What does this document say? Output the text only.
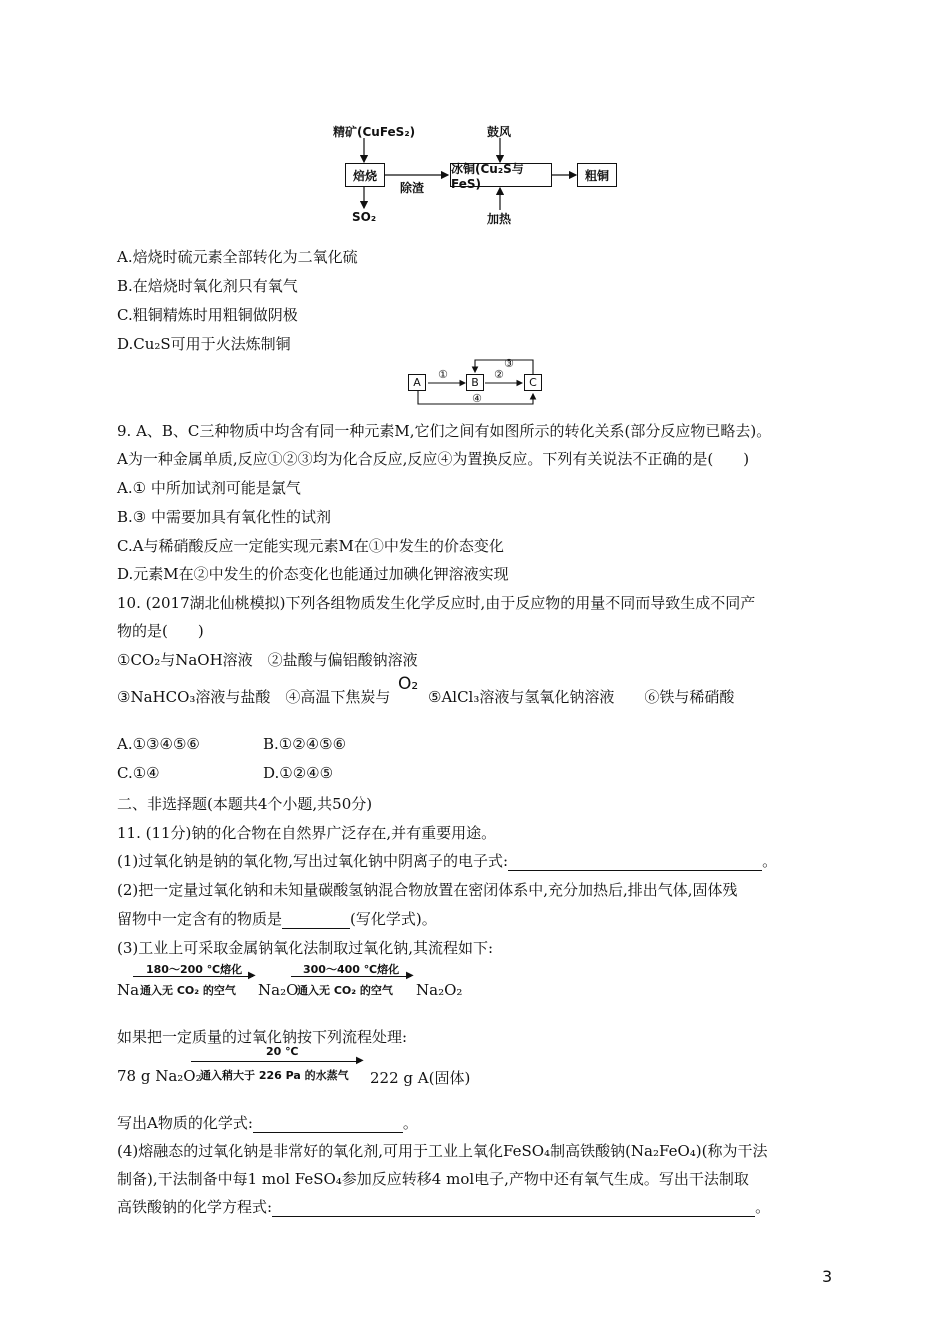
精矿(CuFeS₂)
焙烧
除渣
SO₂
鼓风
冰铜(Cu₂S与FeS)
加热
粗铜
A.焙烧时硫元素全部转化为二氧化硫
B.在焙烧时氧化剂只有氧气
C.粗铜精炼时用粗铜做阴极
D.Cu₂S可用于火法炼制铜
A	B	C
①	②
③
④
9. A、B、C三种物质中均含有同一种元素M,它们之间有如图所示的转化关系(部分反应物已略去)。
A为一种金属单质,反应①②③均为化合反应,反应④为置换反应。下列有关说法不正确的是(　　)
A.① 中所加试剂可能是氯气
B.③ 中需要加具有氧化性的试剂
C.A与稀硝酸反应一定能实现元素M在①中发生的价态变化
D.元素M在②中发生的价态变化也能通过加碘化钾溶液实现
10. (2017湖北仙桃模拟)下列各组物质发生化学反应时,由于反应物的用量不同而导致生成不同产
物的是(　　)
①CO₂与NaOH溶液　②盐酸与偏铝酸钠溶液
③NaHCO₃溶液与盐酸　④高温下焦炭与
O₂
⑤AlCl₃溶液与氢氧化钠溶液　　⑥铁与稀硝酸
A.①③④⑤⑥	B.①②④⑤⑥
C.①④	D.①②④⑤
二、非选择题(本题共4个小题,共50分)
11. (11分)钠的化合物在自然界广泛存在,并有重要用途。
(1)过氧化钠是钠的氧化物,写出过氧化钠中阴离子的电子式:	。
(2)把一定量过氧化钠和未知量碳酸氢钠混合物放置在密闭体系中,充分加热后,排出气体,固体残
留物中一定含有的物质是	(写化学式)。
(3)工业上可采取金属钠氧化法制取过氧化钠,其流程如下:
180～200 ℃熔化 ▶
Na 通入无 CO₂ 的空气 Na₂O
300～400 ℃熔化 ▶
通入无 CO₂ 的空气 Na₂O₂
如果把一定质量的过氧化钠按下列流程处理:
20 ℃
▶
78 g Na₂O₂
通入稍大于 226 Pa 的水蒸气 222 g A(固体)
写出A物质的化学式:	。
(4)熔融态的过氧化钠是非常好的氧化剂,可用于工业上氧化FeSO₄制高铁酸钠(Na₂FeO₄)(称为干法
制备),干法制备中每1 mol FeSO₄参加反应转移4 mol电子,产物中还有氧气生成。写出干法制取
高铁酸钠的化学方程式:	。
3
